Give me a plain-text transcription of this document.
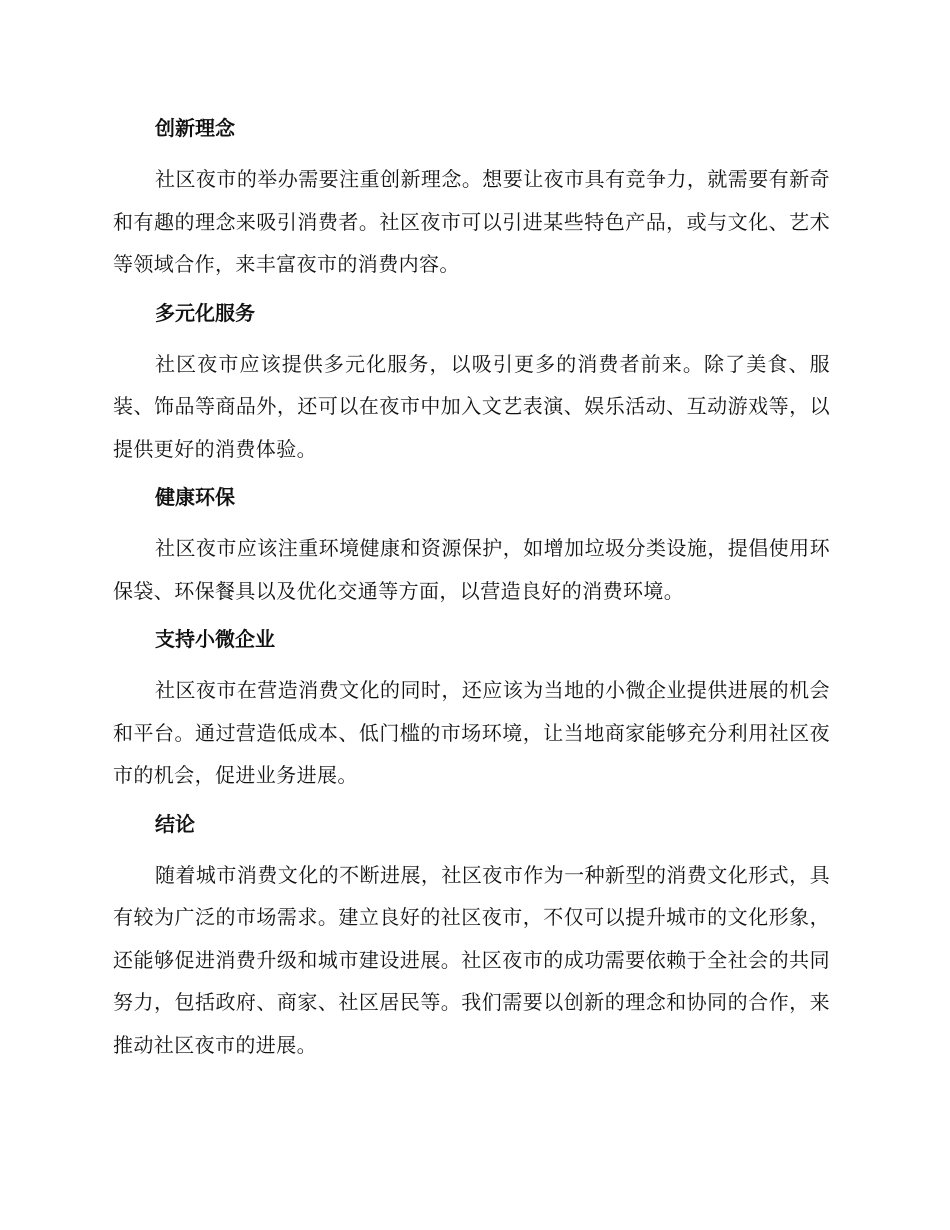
创新理念

社区夜市的举办需要注重创新理念。想要让夜市具有竞争力，就需要有新奇和有趣的理念来吸引消费者。社区夜市可以引进某些特色产品，或与文化、艺术等领域合作，来丰富夜市的消费内容。

多元化服务

社区夜市应该提供多元化服务，以吸引更多的消费者前来。除了美食、服装、饰品等商品外，还可以在夜市中加入文艺表演、娱乐活动、互动游戏等，以提供更好的消费体验。

健康环保

社区夜市应该注重环境健康和资源保护，如增加垃圾分类设施，提倡使用环保袋、环保餐具以及优化交通等方面，以营造良好的消费环境。

支持小微企业

社区夜市在营造消费文化的同时，还应该为当地的小微企业提供进展的机会和平台。通过营造低成本、低门槛的市场环境，让当地商家能够充分利用社区夜市的机会，促进业务进展。

结论

随着城市消费文化的不断进展，社区夜市作为一种新型的消费文化形式，具有较为广泛的市场需求。建立良好的社区夜市，不仅可以提升城市的文化形象，还能够促进消费升级和城市建设进展。社区夜市的成功需要依赖于全社会的共同努力，包括政府、商家、社区居民等。我们需要以创新的理念和协同的合作，来推动社区夜市的进展。
